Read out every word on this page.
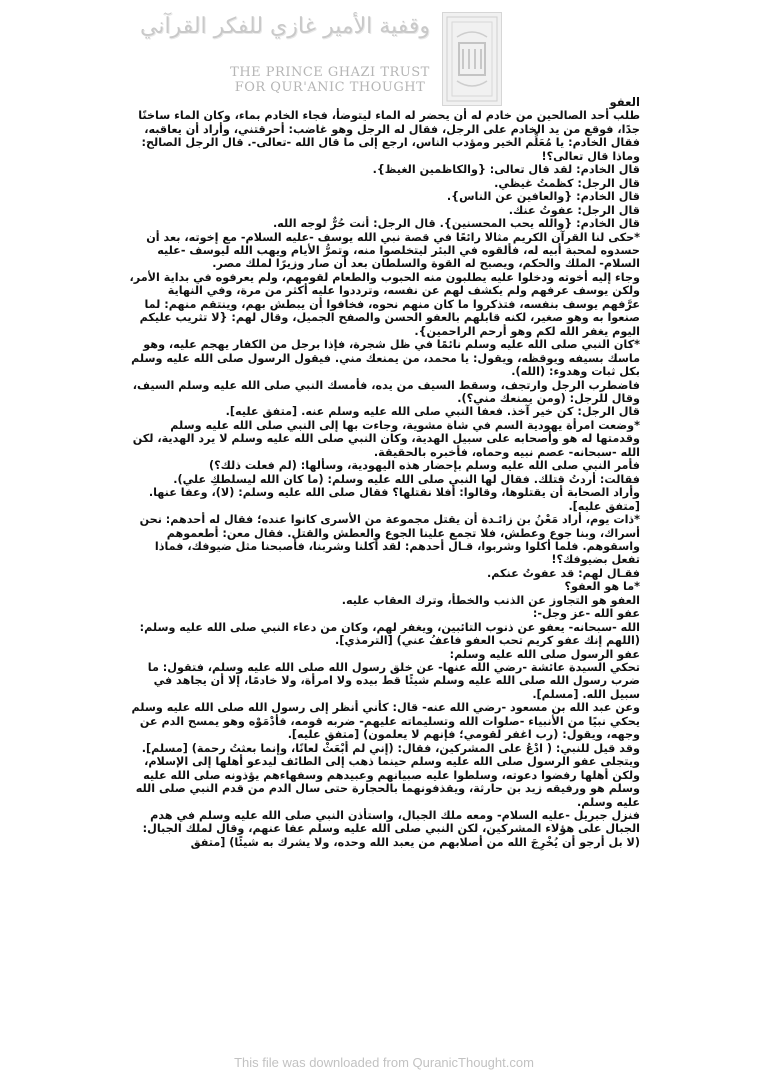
وقفية الأمير غازي للفكر القرآني
THE PRINCE GHAZI TRUST
FOR QUR'ANIC THOUGHT

العفو

طلب أحد الصالحين من خادم له أن يحضر له الماء ليتوضأ، فجاء الخادم بماء، وكان الماء ساخنًا جدًا، فوقع من يد الخادم على الرجل، فقال له الرجل وهو غاضب: أحرقتني، وأراد أن يعاقبه، فقال الخادم: يا مُعَلِّم الخير ومؤدب الناس، ارجع إلى ما قال الله -تعالى-. قال الرجل الصالح: وماذا قال تعالى؟!

قال الخادم: لقد قال تعالى: {والكاظمين الغيظ}.

قال الرجل: كظمتُ غيظي.

قال الخادم: {والعافين عن الناس}.

قال الرجل: عفوتُ عنك.

قال الخادم: {والله يحب المحسنين}. قال الرجل: أنت حُرٌّ لوجه الله.

*حكى لنا القرآن الكريم مثالا رائعًا في قصة نبي الله يوسف -عليه السلام- مع إخوته، بعد أن حسدوه لمحبة أبيه له، فألقوه في البئر ليتخلصوا منه، وتمرُّ الأيام ويهب الله ليوسف -عليه السلام- الملك والحكم، ويصبح له القوة والسلطان بعد أن صار وزيرًا لملك مصر.

وجاء إليه أخوته ودخلوا عليه يطلبون منه الحبوب والطعام لقومهم، ولم يعرفوه في بداية الأمر، ولكن يوسف عرفهم ولم يكشف لهم عن نفسه، وترددوا عليه أكثر من مرة، وفي النهاية عرَّفهم يوسف بنفسه، فتذكروا ما كان منهم نحوه، فخافوا أن يبطش بهم، وينتقم منهم: لما صنعوا به وهو صغير، لكنه قابلهم بالعفو الحسن والصفح الجميل، وقال لهم: {لا تثريب عليكم اليوم يغفر الله لكم وهو أرحم الراحمين}.

*كان النبي صلى الله عليه وسلم نائمًا في ظل شجرة، فإذا برجل من الكفار يهجم عليه، وهو ماسك بسيفه ويوقظه، ويقول: يا محمد، من يمنعك مني. فيقول الرسول صلى الله عليه وسلم بكل ثبات وهدوء: (الله).

فاضطرب الرجل وارتجف، وسقط السيف من يده، فأمسك النبي صلى الله عليه وسلم السيف، وقال للرجل: (ومن يمنعك مني؟).

قال الرجل: كن خير آخذ. فعفا النبي صلى الله عليه وسلم عنه. [متفق عليه].

*وضعت امرأة يهودية السم في شاة مشوية، وجاءت بها إلى النبي صلى الله عليه وسلم وقدمتها له هو وأصحابه على سبيل الهدية، وكان النبي صلى الله عليه وسلم لا يرد الهدية، لكن الله -سبحانه- عصم نبيه وحماه، فأخبره بالحقيقة.

فأمر النبي صلى الله عليه وسلم بإحضار هذه اليهودية، وسألها: (لم فعلت ذلك؟)

فقالت: أردتُ قتلك. فقال لها النبي صلى الله عليه وسلم: (ما كان الله ليسلطكِ علي).

وأراد الصحابة أن يقتلوها، وقالوا: أفلا نقتلها؟ فقال صلى الله عليه وسلم: (لا)، وعفا عنها. [متفق عليه].

*ذات يوم، أراد مَعْنُ بن زائـدة أن يقتل مجموعة من الأسرى كانوا عنده؛ فقال له أحدهم: نحن أسراك، وبنا جوع وعطش، فلا تجمع علينا الجوع والعطش والقتل. فقال معن: أطعموهم واسقوهم. فلما أكلوا وشربوا، قـال أحدهم: لقد أكلنا وشربنا، فأصبحنا مثل ضيوفك، فماذا تفعل بضيوفك؟!

فقـال لهم: قد عفوتُ عنكم.

*ما هو العفو؟

العفو هو التجاوز عن الذنب والخطأ، وترك العقاب عليه.

عفو الله -عز وجل-:

الله -سبحانه- يعفو عن ذنوب التائبين، ويغفر لهم، وكان من دعاء النبي صلى الله عليه وسلم: (اللهم إنك عفو كريم تحب العفو فاعفُ عني) [الترمذي].

عفو الرسول صلى الله عليه وسلم:

تحكي السيدة عائشة -رضي الله عنها- عن خلق رسول الله صلى الله عليه وسلم، فتقول: ما ضرب رسول الله صلى الله عليه وسلم شيئًا قط بيده ولا امرأة، ولا خادمًا، إلا أن يجاهد في سبيل الله. [مسلم].

وعن عبد الله بن مسعود -رضي الله عنه- قال: كأني أنظر إلى رسول الله صلى الله عليه وسلم يحكي نبيًا من الأنبياء -صلوات الله وتسليماته عليهم- ضربه قومه، فأدْمَوْه وهو يمسح الدم عن وجهه، ويقول: (رب اغفر لقومي؛ فإنهم لا يعلمون) [متفق عليه].

وقد قيل للنبي: ( ادْعُ على المشركين، فقال: (إني لم أبْعَثْ لعانًا، وإنما بعثتُ رحمة) [مسلم].

ويتجلى عفو الرسول صلى الله عليه وسلم حينما ذهب إلى الطائف ليدعو أهلها إلى الإسلام، ولكن أهلها رفضوا دعوته، وسلطوا عليه صبيانهم وعبيدهم وسفهاءهم يؤذونه صلى الله عليه وسلم هو ورفيقه زيد بن حارثة، ويقذفونهما بالحجارة حتى سال الدم من قدم النبي صلى الله عليه وسلم.

فنزل جبريل -عليه السلام- ومعه ملك الجبال، واستأذن النبي صلى الله عليه وسلم في هدم الجبال على هؤلاء المشركين، لكن النبي صلى الله عليه وسلم عفا عنهم، وقال لملك الجبال: (لا بل أرجو أن يُخْرِجَ الله من أصلابهم من يعبد الله وحده، ولا يشرك به شيئًا) [متفق

This file was downloaded from QuranicThought.com
